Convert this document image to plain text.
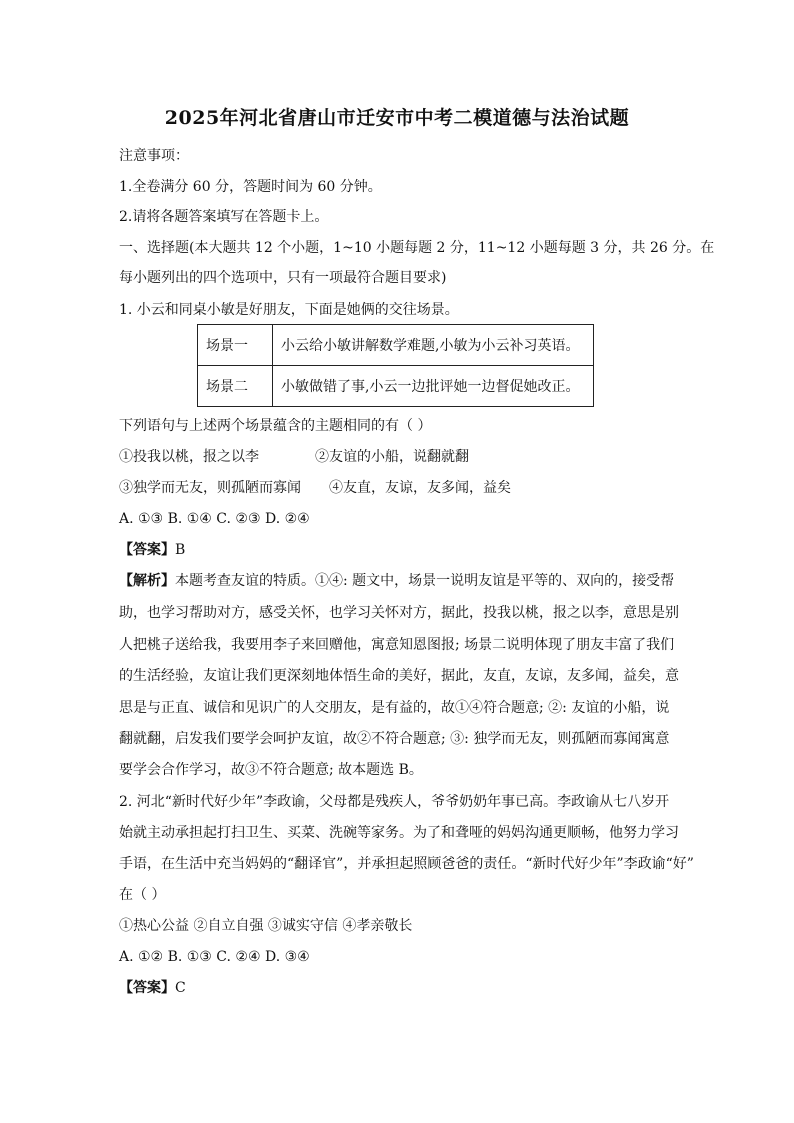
2025年河北省唐山市迁安市中考二模道德与法治试题
注意事项：
1.全卷满分 60 分，答题时间为 60 分钟。
2.请将各题答案填写在答题卡上。
一、选择题(本大题共 12 个小题，1~10 小题每题 2 分，11~12 小题每题 3 分，共 26 分。在
每小题列出的四个选项中，只有一项最符合题目要求)
1. 小云和同桌小敏是好朋友，下面是她俩的交往场景。
场景一	小云给小敏讲解数学难题,小敏为小云补习英语。
场景二	小敏做错了事,小云一边批评她一边督促她改正。
下列语句与上述两个场景蕴含的主题相同的有（ ）
①投我以桃，报之以李	②友谊的小船，说翻就翻
③独学而无友，则孤陋而寡闻 ④友直，友谅，友多闻，益矣
A. ①③ B. ①④ C. ②③ D. ②④
【答案】B
【解析】本题考查友谊的特质。①④: 题文中，场景一说明友谊是平等的、双向的，接受帮
助，也学习帮助对方，感受关怀，也学习关怀对方，据此，投我以桃，报之以李，意思是别
人把桃子送给我，我要用李子来回赠他，寓意知恩图报; 场景二说明体现了朋友丰富了我们
的生活经验，友谊让我们更深刻地体悟生命的美好，据此，友直，友谅，友多闻，益矣，意
思是与正直、诚信和见识广的人交朋友，是有益的，故①④符合题意; ②: 友谊的小船，说
翻就翻，启发我们要学会呵护友谊，故②不符合题意; ③: 独学而无友，则孤陋而寡闻寓意
要学会合作学习，故③不符合题意; 故本题选 B。
2. 河北“新时代好少年”李政谕，父母都是残疾人，爷爷奶奶年事已高。李政谕从七八岁开
始就主动承担起打扫卫生、买菜、洗碗等家务。为了和聋哑的妈妈沟通更顺畅，他努力学习
手语，在生活中充当妈妈的“翻译官”，并承担起照顾爸爸的责任。“新时代好少年”李政谕“好”
在（ ）
①热心公益 ②自立自强 ③诚实守信 ④孝亲敬长
A. ①② B. ①③ C. ②④ D. ③④
【答案】C
